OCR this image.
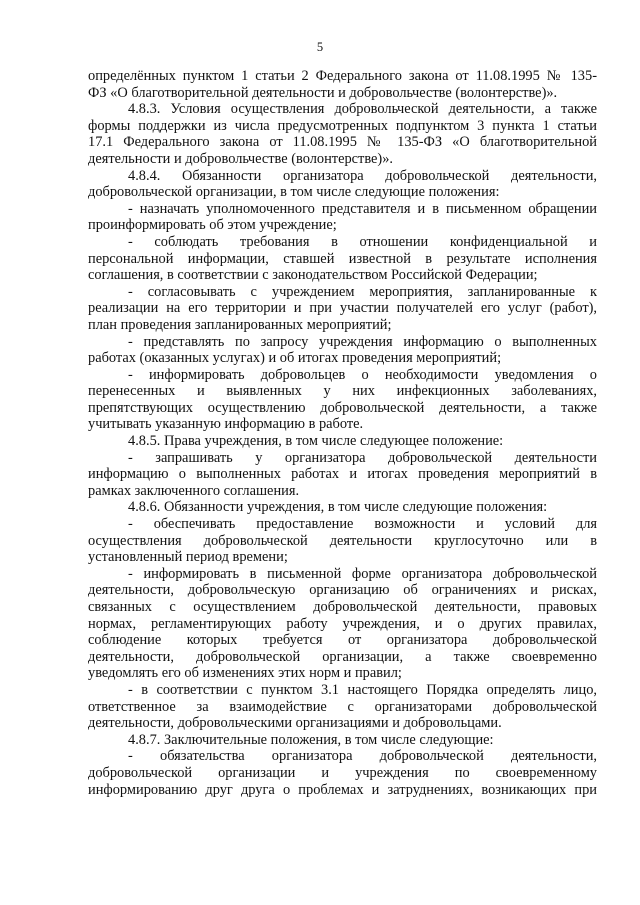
5

определённых пунктом 1 статьи 2 Федерального закона от 11.08.1995 № 135-
ФЗ «О благотворительной деятельности и добровольчестве (волонтерстве)».

4.8.3. Условия осуществления добровольческой деятельности, а также
формы поддержки из числа предусмотренных подпунктом 3 пункта 1 статьи
17.1 Федерального закона от 11.08.1995 № 135-ФЗ «О благотворительной
деятельности и добровольчестве (волонтерстве)».

4.8.4. Обязанности организатора добровольческой деятельности,
добровольческой организации, в том числе следующие положения:

- назначать уполномоченного представителя и в письменном обращении
проинформировать об этом учреждение;

- соблюдать требования в отношении конфиденциальной и
персональной информации, ставшей известной в результате исполнения
соглашения, в соответствии с законодательством Российской Федерации;

- согласовывать с учреждением мероприятия, запланированные к
реализации на его территории и при участии получателей его услуг (работ),
план проведения запланированных мероприятий;

- представлять по запросу учреждения информацию о выполненных
работах (оказанных услугах) и об итогах проведения мероприятий;

- информировать добровольцев о необходимости уведомления о
перенесенных и выявленных у них инфекционных заболеваниях,
препятствующих осуществлению добровольческой деятельности, а также
учитывать указанную информацию в работе.

4.8.5. Права учреждения, в том числе следующее положение:

- запрашивать у организатора добровольческой деятельности
информацию о выполненных работах и итогах проведения мероприятий в
рамках заключенного соглашения.

4.8.6. Обязанности учреждения, в том числе следующие положения:

- обеспечивать предоставление возможности и условий для
осуществления добровольческой деятельности круглосуточно или в
установленный период времени;

- информировать в письменной форме организатора добровольческой
деятельности, добровольческую организацию об ограничениях и рисках,
связанных с осуществлением добровольческой деятельности, правовых
нормах, регламентирующих работу учреждения, и о других правилах,
соблюдение которых требуется от организатора добровольческой
деятельности, добровольческой организации, а также своевременно
уведомлять его об изменениях этих норм и правил;

- в соответствии с пунктом 3.1 настоящего Порядка определять лицо,
ответственное за взаимодействие с организаторами добровольческой
деятельности, добровольческими организациями и добровольцами.

4.8.7. Заключительные положения, в том числе следующие:

- обязательства организатора добровольческой деятельности,
добровольческой организации и учреждения по своевременному
информированию друг друга о проблемах и затруднениях, возникающих при
